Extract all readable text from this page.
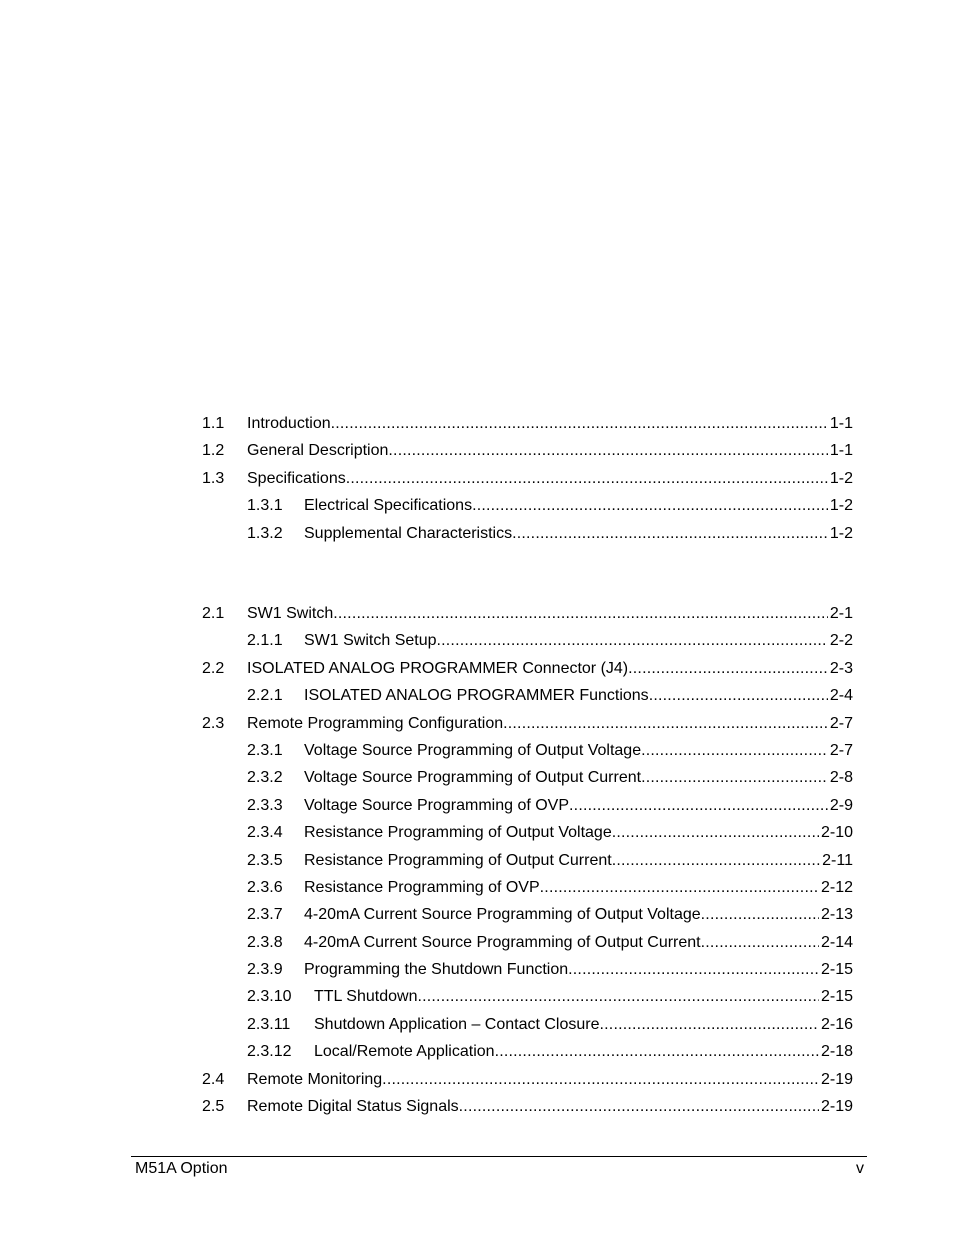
1.1 Introduction .....	1-1
1.2 General Description .....	1-1
1.3 Specifications .....	1-2
1.3.1 Electrical Specifications .....	1-2
1.3.2 Supplemental Characteristics .....	1-2
2.1 SW1 Switch .....	2-1
2.1.1 SW1 Switch Setup .....	2-2
2.2 ISOLATED ANALOG PROGRAMMER Connector (J4) .....	2-3
2.2.1 ISOLATED ANALOG PROGRAMMER Functions .....	2-4
2.3 Remote Programming Configuration .....	2-7
2.3.1 Voltage Source Programming of Output Voltage .....	2-7
2.3.2 Voltage Source Programming of Output Current .....	2-8
2.3.3 Voltage Source Programming of OVP .....	2-9
2.3.4 Resistance Programming of Output Voltage .....	2-10
2.3.5 Resistance Programming of Output Current .....	2-11
2.3.6 Resistance Programming of OVP .....	2-12
2.3.7 4-20mA Current Source Programming of Output Voltage .....	2-13
2.3.8 4-20mA Current Source Programming of Output Current .....	2-14
2.3.9 Programming the Shutdown Function .....	2-15
2.3.10 TTL Shutdown .....	2-15
2.3.11 Shutdown Application – Contact Closure .....	2-16
2.3.12 Local/Remote Application .....	2-18
2.4 Remote Monitoring .....	2-19
2.5 Remote Digital Status Signals .....	2-19
M51A Option	v
